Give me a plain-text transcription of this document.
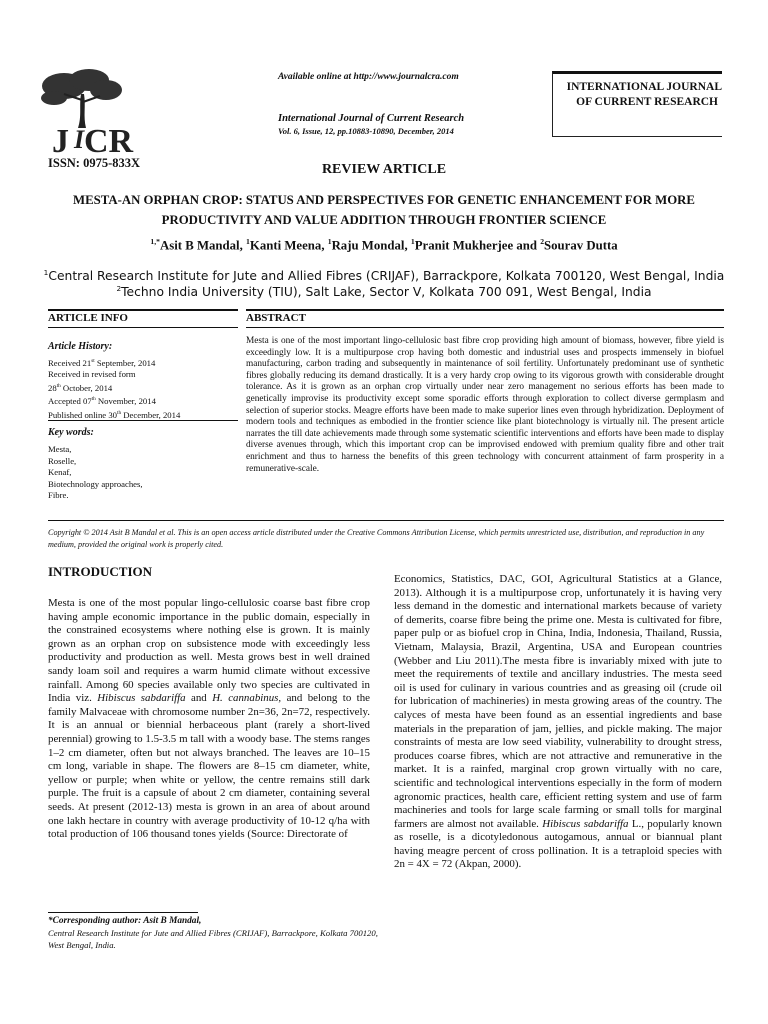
I
J CR
ISSN: 0975-833X
Available online at http://www.journalcra.com
International Journal of Current Research
Vol. 6, Issue, 12, pp.10883-10890, December, 2014
INTERNATIONAL JOURNAL
OF CURRENT RESEARCH
REVIEW ARTICLE
MESTA-AN ORPHAN CROP: STATUS AND PERSPECTIVES FOR GENETIC ENHANCEMENT FOR MORE PRODUCTIVITY AND VALUE ADDITION THROUGH FRONTIER SCIENCE
$^{1,*}$Asit B Mandal, $^1$Kanti Meena, $^1$Raju Mondal, $^1$Pranit Mukherjee and $^2$Sourav Dutta
$^1$Central Research Institute for Jute and Allied Fibres (CRIJAF), Barrackpore, Kolkata 700120, West Bengal, India
$^2$Techno India University (TIU), Salt Lake, Sector V, Kolkata 700 091, West Bengal, India
ARTICLE INFO	ABSTRACT
Article History:
Received 21st September, 2014
Received in revised form
28th October, 2014
Accepted 07th November, 2014
Published online 30th December, 2014
Key words:
Mesta,
Roselle,
Kenaf,
Biotechnology approaches,
Fibre.

Mesta is one of the most important lingo-cellulosic bast fibre crop providing high amount of biomass, however, fibre yield is exceedingly low. It is a multipurpose crop having both domestic and industrial uses and prospects immensely in biofuel manufacturing, carbon trading and subsequently in maintenance of soil fertility. Unfortunately predominant use of synthetic fibres globally reducing its demand drastically. It is a very hardy crop owing to its vigorous growth with considerable drought tolerance. As it is grown as an orphan crop virtually under near zero management no serious efforts has been made to genetically improvise its productivity except some sporadic efforts through exploration to collect diverse germplasm and selection of superior stocks. Meagre efforts have been made to make superior lines even through hybridization. Deployment of modern tools and techniques as embodied in the frontier science like plant biotechnology is virtually nil. The present article narrates the till date achievements made through some systematic scientific interventions and efforts have been made to display diverse avenues through, which this important crop can be improvised endowed with premium quality fibre and other trait enrichment and thus to harness the benefits of this green technology with concurrent attainment of farm prosperity in a remunerative-scale.

Copyright © 2014 Asit B Mandal et al. This is an open access article distributed under the Creative Commons Attribution License, which permits unrestricted use, distribution, and reproduction in any medium, provided the original work is properly cited.

INTRODUCTION

Mesta is one of the most popular lingo-cellulosic coarse bast fibre crop having ample economic importance in the public domain, especially in the constrained ecosystems where nothing else is grown. It is mainly grown as an orphan crop on subsistence mode with exceedingly less productivity and production as well. Mesta grows best in well drained sandy loam soil and requires a warm humid climate without excessive rainfall. Among 60 species available only two species are cultivated in India viz. Hibiscus sabdariffa and H. cannabinus, and belong to the family Malvaceae with chromosome number 2n=36, 2n=72, respectively. It is an annual or biennial herbaceous plant (rarely a short-lived perennial) growing to 1.5-3.5 m tall with a woody base. The stems ranges 1–2 cm diameter, often but not always branched. The leaves are 10–15 cm long, variable in shape. The flowers are 8–15 cm diameter, white, yellow or purple; when white or yellow, the centre remains still dark purple. The fruit is a capsule of about 2 cm diameter, containing several seeds. At present (2012-13) mesta is grown in an area of about around one lakh hectare in country with average productivity of 10-12 q/ha with total production of 106 thousand tones yields (Source: Directorate of

Economics, Statistics, DAC, GOI, Agricultural Statistics at a Glance, 2013). Although it is a multipurpose crop, unfortunately it is having very less demand in the domestic and international markets because of variety of demerits, coarse fibre being the prime one. Mesta is cultivated for fibre, paper pulp or as biofuel crop in China, India, Indonesia, Thailand, Russia, Vietnam, Malaysia, Brazil, Argentina, USA and European countries (Webber and Liu 2011).The mesta fibre is invariably mixed with jute to meet the requirements of textile and ancillary industries. The mesta seed oil is used for culinary in various countries and as greasing oil (crude oil for lubrication of machineries) in mesta growing areas of the country. The calyces of mesta have been found as an essential ingredients and base materials in the preparation of jam, jellies, and pickle making. The major constraints of mesta are low seed viability, vulnerability to drought stress, produces coarse fibres, which are not attractive and remunerative in the market. It is a rainfed, marginal crop grown virtually with no care, scientific and technological interventions especially in the form of modern agronomic practices, health care, efficient retting system and use of farm machineries and tools for large scale farming or small tolls for marginal farmers are almost not available. Hibiscus sabdariffa L., popularly known as roselle, is a dicotyledonous autogamous, annual or biannual plant having meagre percent of cross pollination. It is a tetraploid species with 2n = 4X = 72 (Akpan, 2000).

*Corresponding author: Asit B Mandal,
Central Research Institute for Jute and Allied Fibres (CRIJAF), Barrackpore, Kolkata 700120, West Bengal, India.
